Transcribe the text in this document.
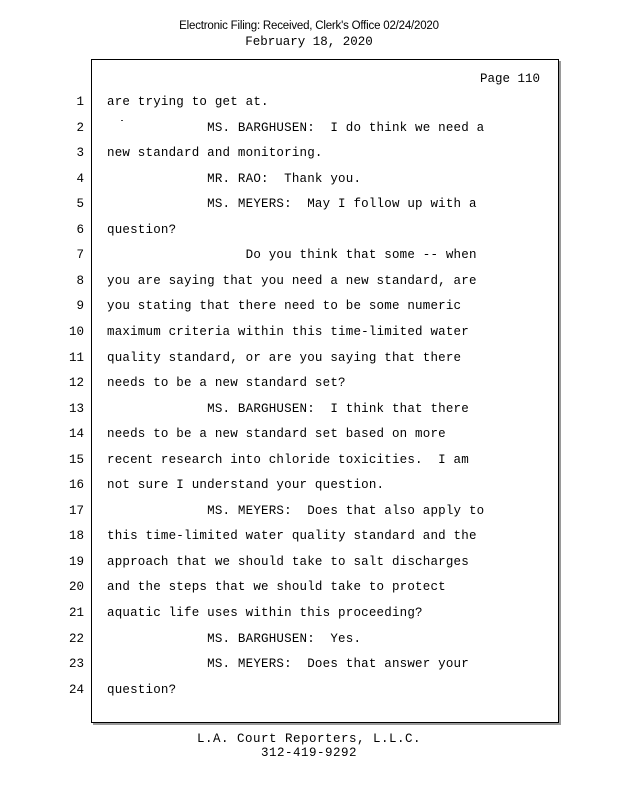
Electronic Filing: Received, Clerk's Office 02/24/2020
February 18, 2020
Page 110
1 are trying to get at.
2 MS. BARGHUSEN:  I do think we need a
3 new standard and monitoring.
4 MR. RAO:  Thank you.
5 MS. MEYERS:  May I follow up with a
6 question?
7 Do you think that some -- when
8 you are saying that you need a new standard, are
9 you stating that there need to be some numeric
10 maximum criteria within this time-limited water
11 quality standard, or are you saying that there
12 needs to be a new standard set?
13 MS. BARGHUSEN:  I think that there
14 needs to be a new standard set based on more
15 recent research into chloride toxicities.  I am
16 not sure I understand your question.
17 MS. MEYERS:  Does that also apply to
18 this time-limited water quality standard and the
19 approach that we should take to salt discharges
20 and the steps that we should take to protect
21 aquatic life uses within this proceeding?
22 MS. BARGHUSEN:  Yes.
23 MS. MEYERS:  Does that answer your
24 question?
L.A. Court Reporters, L.L.C.
312-419-9292
